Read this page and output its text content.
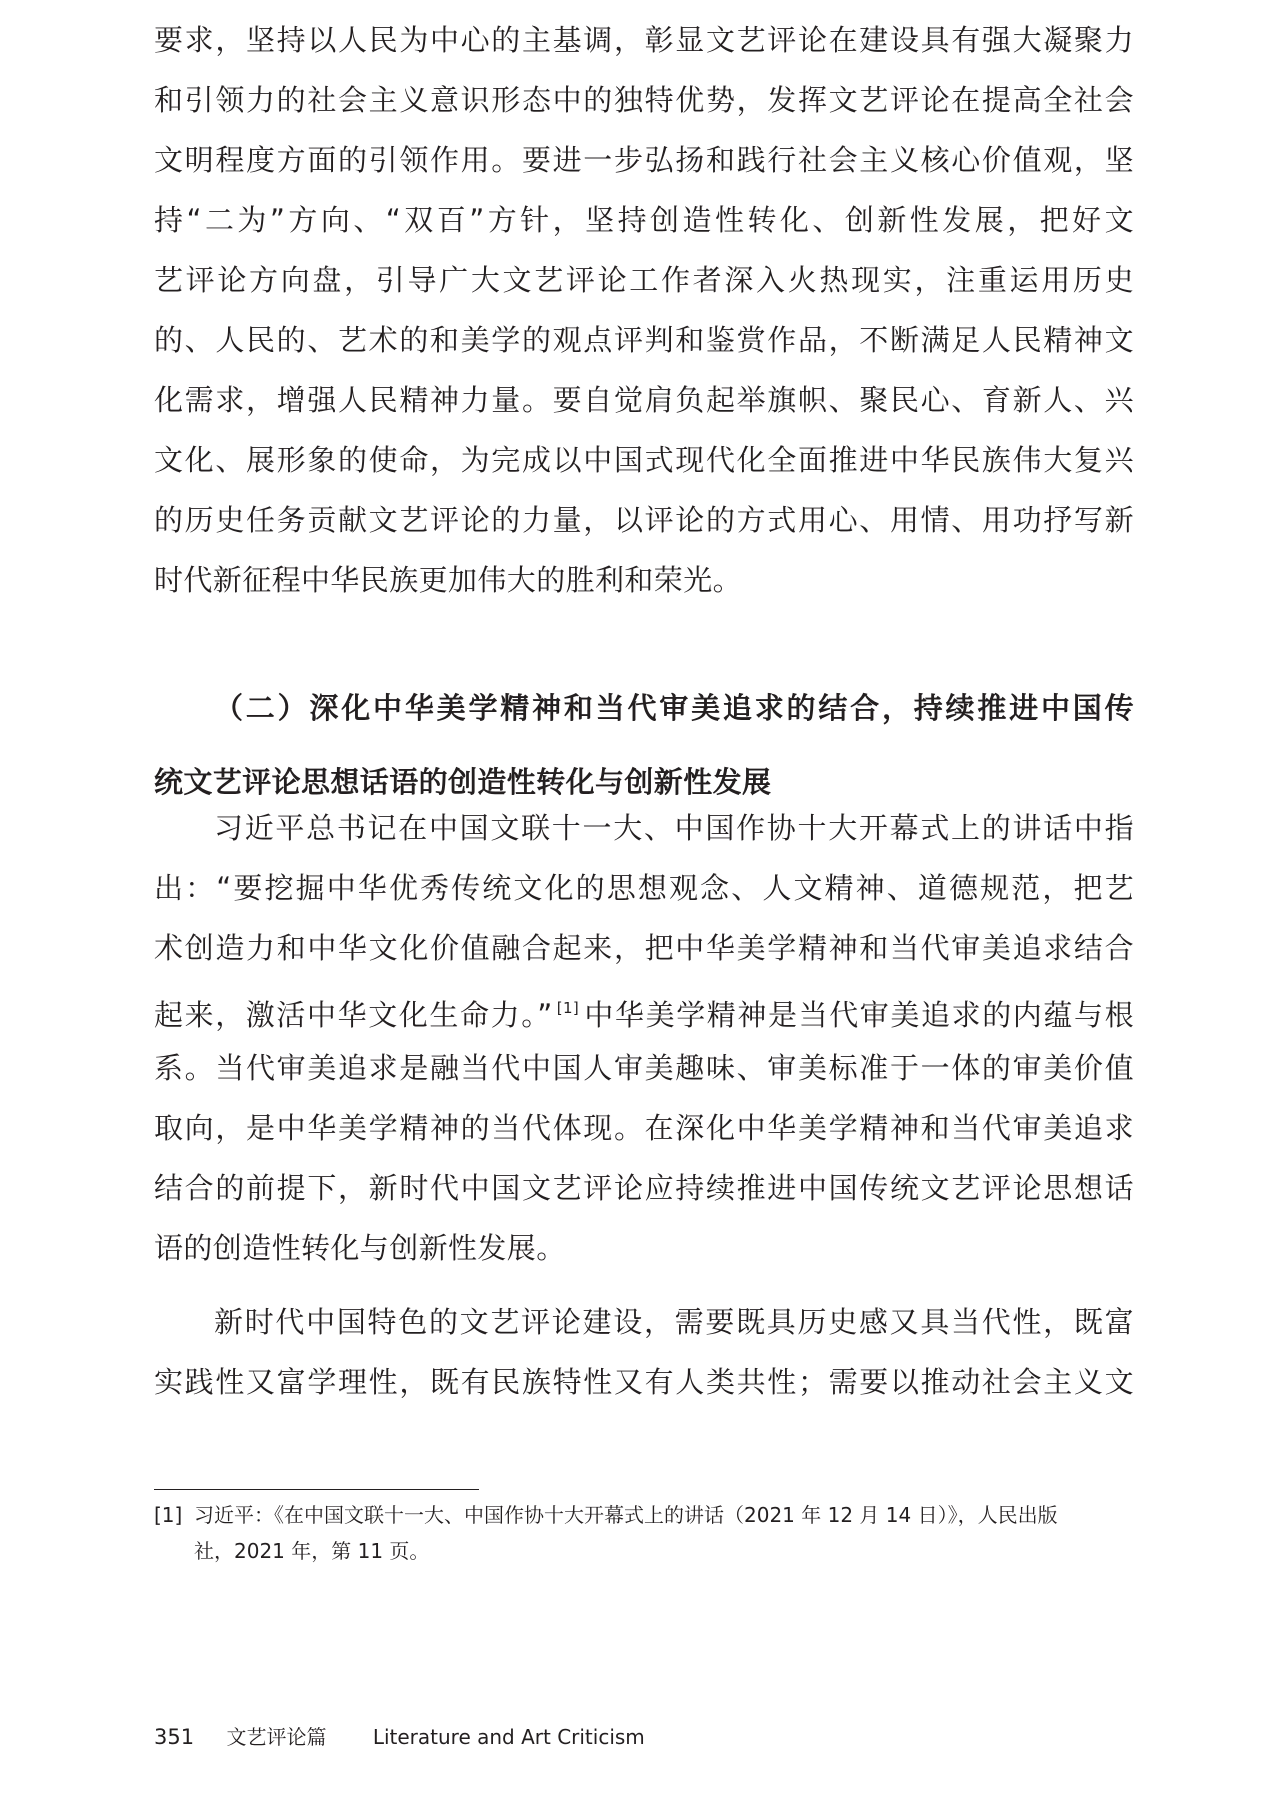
要求，坚持以人民为中心的主基调，彰显文艺评论在建设具有强大凝聚力
和引领力的社会主义意识形态中的独特优势，发挥文艺评论在提高全社会
文明程度方面的引领作用。要进一步弘扬和践行社会主义核心价值观，坚
持“二为”方向、“双百”方针，坚持创造性转化、创新性发展，把好文
艺评论方向盘，引导广大文艺评论工作者深入火热现实，注重运用历史
的、人民的、艺术的和美学的观点评判和鉴赏作品，不断满足人民精神文
化需求，增强人民精神力量。要自觉肩负起举旗帜、聚民心、育新人、兴
文化、展形象的使命，为完成以中国式现代化全面推进中华民族伟大复兴
的历史任务贡献文艺评论的力量，以评论的方式用心、用情、用功抒写新
时代新征程中华民族更加伟大的胜利和荣光。
（二）深化中华美学精神和当代审美追求的结合，持续推进中国传
统文艺评论思想话语的创造性转化与创新性发展
习近平总书记在中国文联十一大、中国作协十大开幕式上的讲话中指
出：“要挖掘中华优秀传统文化的思想观念、人文精神、道德规范，把艺
术创造力和中华文化价值融合起来，把中华美学精神和当代审美追求结合
起来，激活中华文化生命力。” [1] 中华美学精神是当代审美追求的内蕴与根
系。当代审美追求是融当代中国人审美趣味、审美标准于一体的审美价值
取向，是中华美学精神的当代体现。在深化中华美学精神和当代审美追求
结合的前提下，新时代中国文艺评论应持续推进中国传统文艺评论思想话
语的创造性转化与创新性发展。
新时代中国特色的文艺评论建设，需要既具历史感又具当代性，既富
实践性又富学理性，既有民族特性又有人类共性；需要以推动社会主义文
[1] 习近平：《在中国文联十一大、中国作协十大开幕式上的讲话（2021 年 12 月 14 日）》，人民出版
社，2021 年，第 11 页。
351 文艺评论篇 Literature and Art Criticism
